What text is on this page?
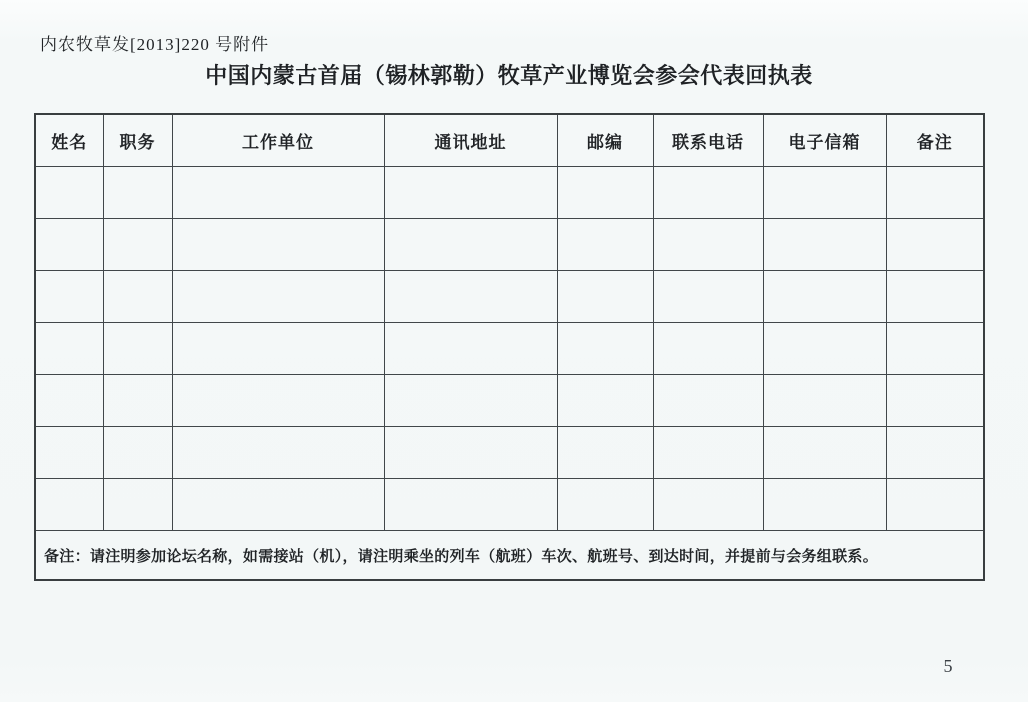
内农牧草发[2013]220 号附件
中国内蒙古首届（锡林郭勒）牧草产业博览会参会代表回执表
姓名	职务	工作单位	通讯地址	邮编	联系电话	电子信箱	备注

备注：请注明参加论坛名称，如需接站（机），请注明乘坐的列车（航班）车次、航班号、到达时间，并提前与会务组联系。							
5
